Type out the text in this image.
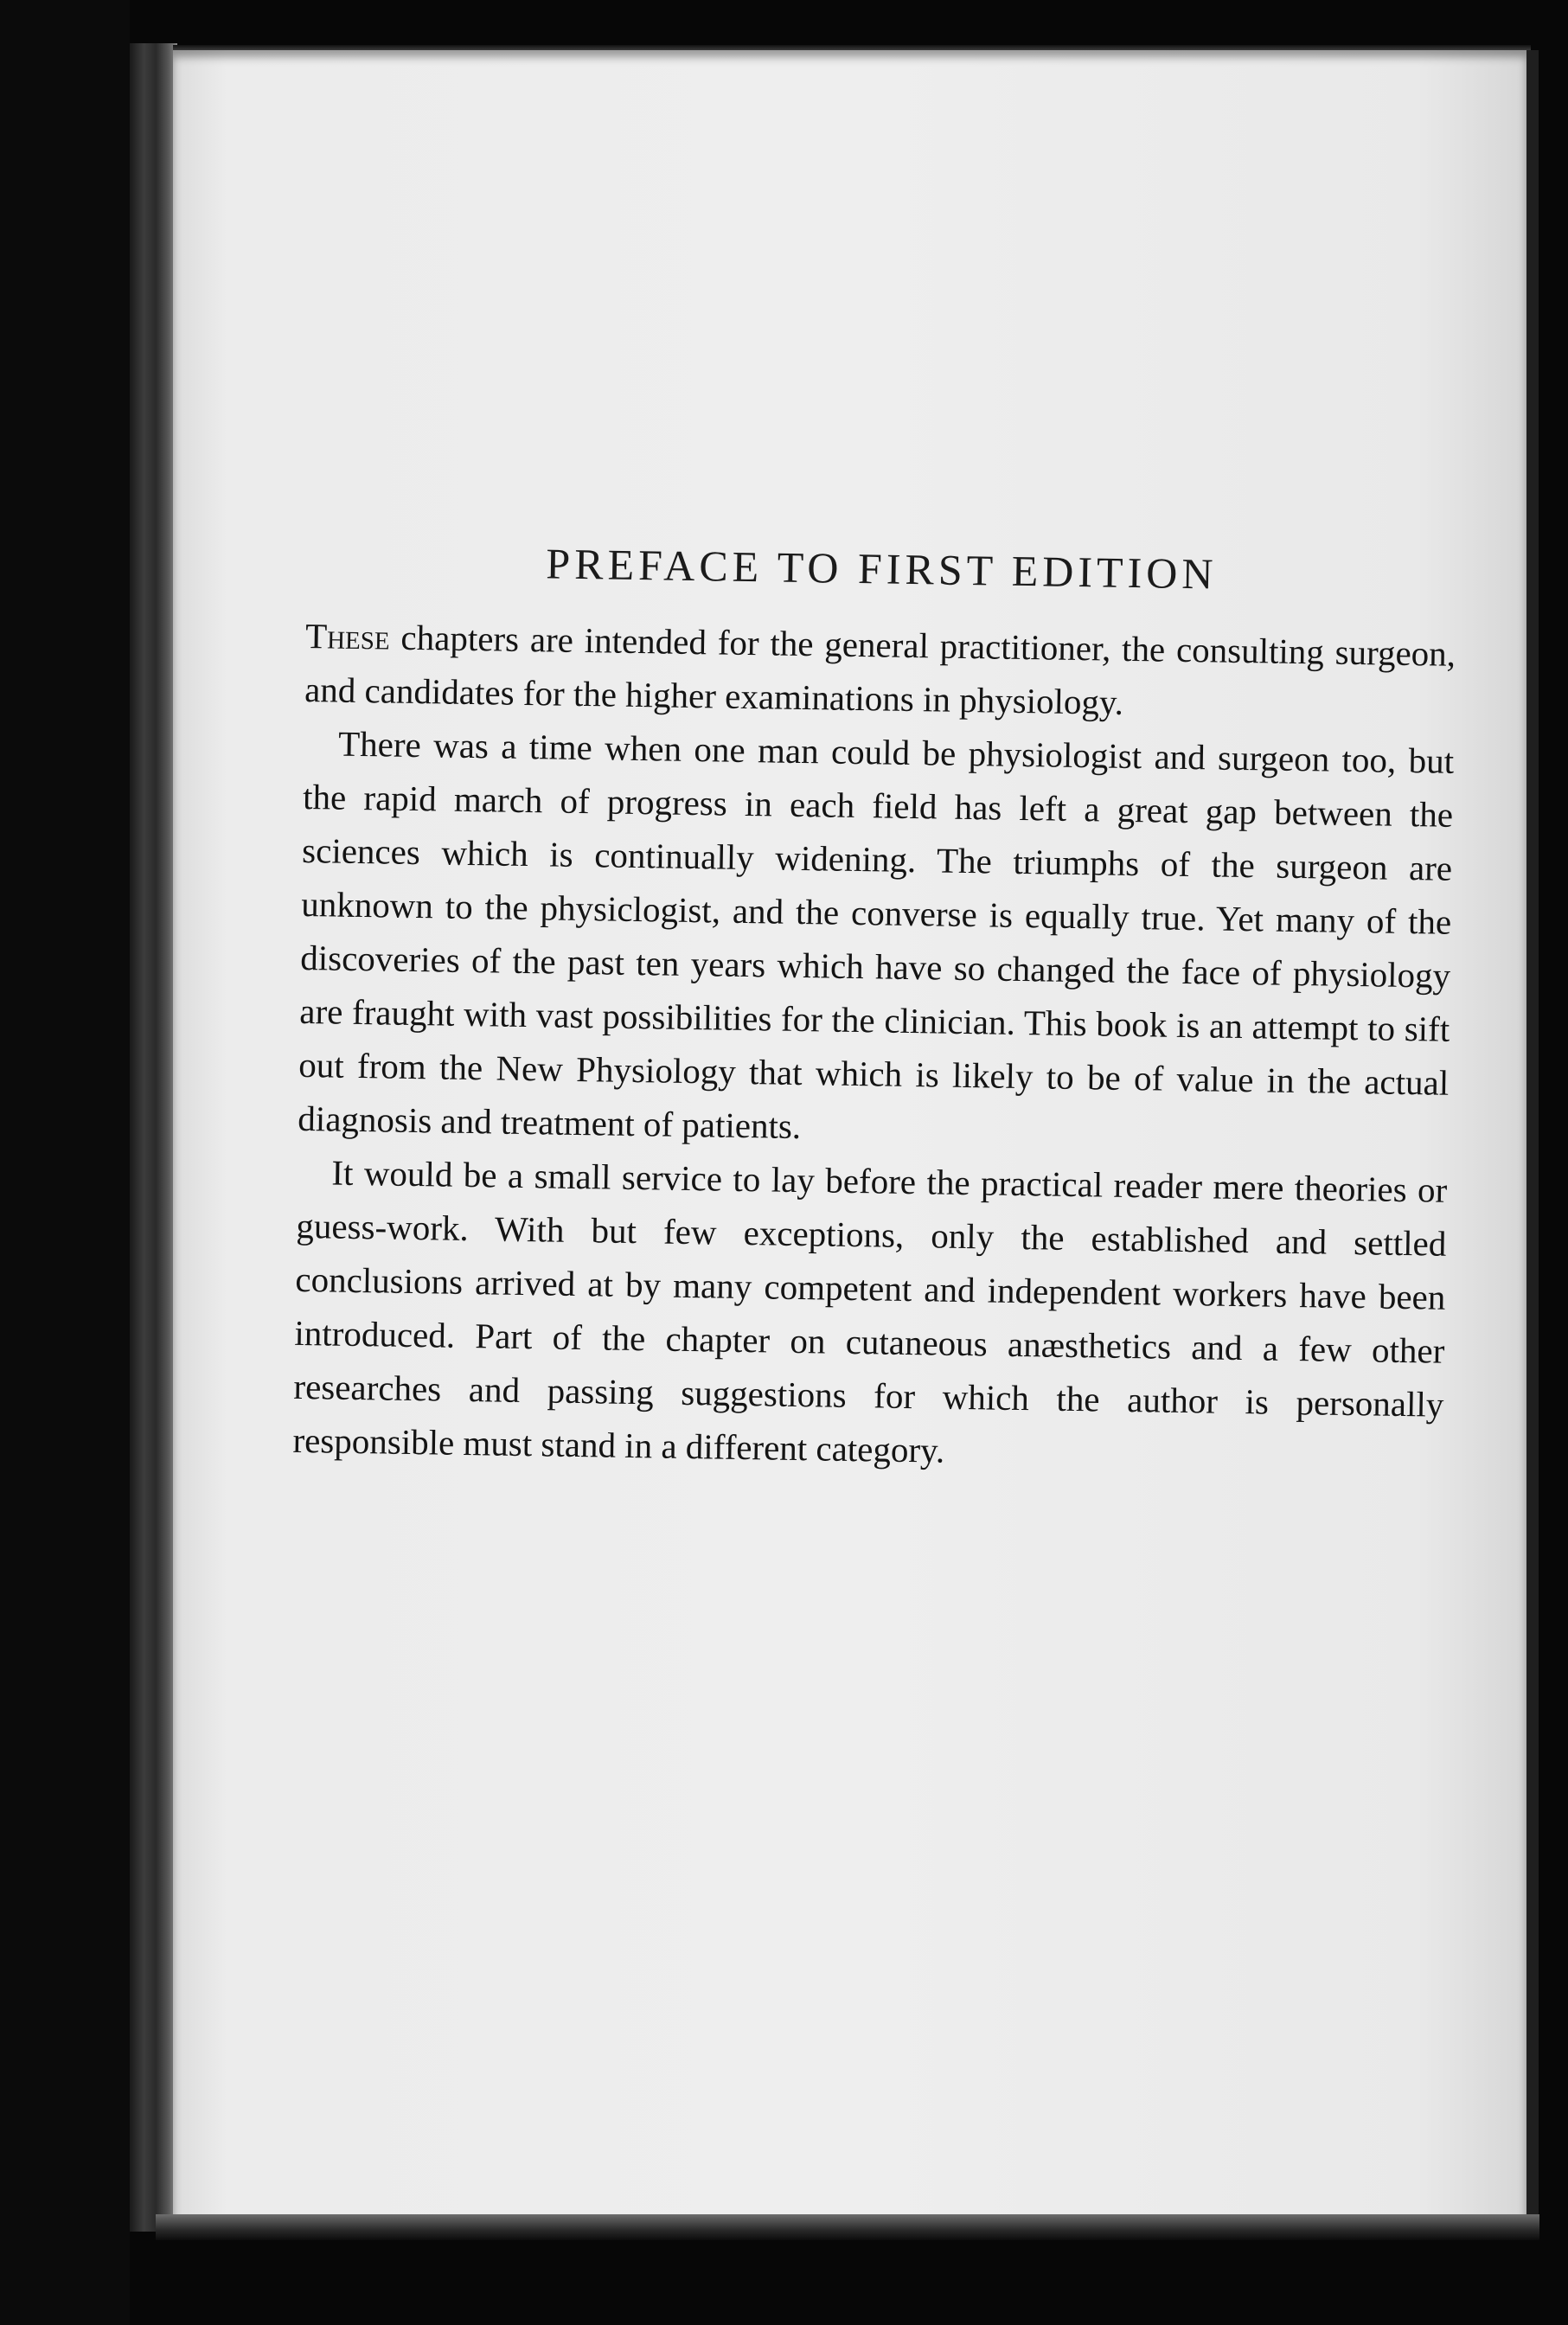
PREFACE TO FIRST EDITION

These chapters are intended for the general practitioner, the consulting surgeon, and candidates for the higher examinations in physiology.

There was a time when one man could be physiologist and surgeon too, but the rapid march of progress in each field has left a great gap between the sciences which is continually widening. The triumphs of the surgeon are unknown to the physiclogist, and the converse is equally true. Yet many of the discoveries of the past ten years which have so changed the face of physiology are fraught with vast possibilities for the clinician. This book is an attempt to sift out from the New Physiology that which is likely to be of value in the actual diagnosis and treatment of patients.

It would be a small service to lay before the practical reader mere theories or guess-work. With but few exceptions, only the established and settled conclusions arrived at by many competent and independent workers have been introduced. Part of the chapter on cutaneous anæsthetics and a few other researches and passing suggestions for which the author is personally responsible must stand in a different category.
